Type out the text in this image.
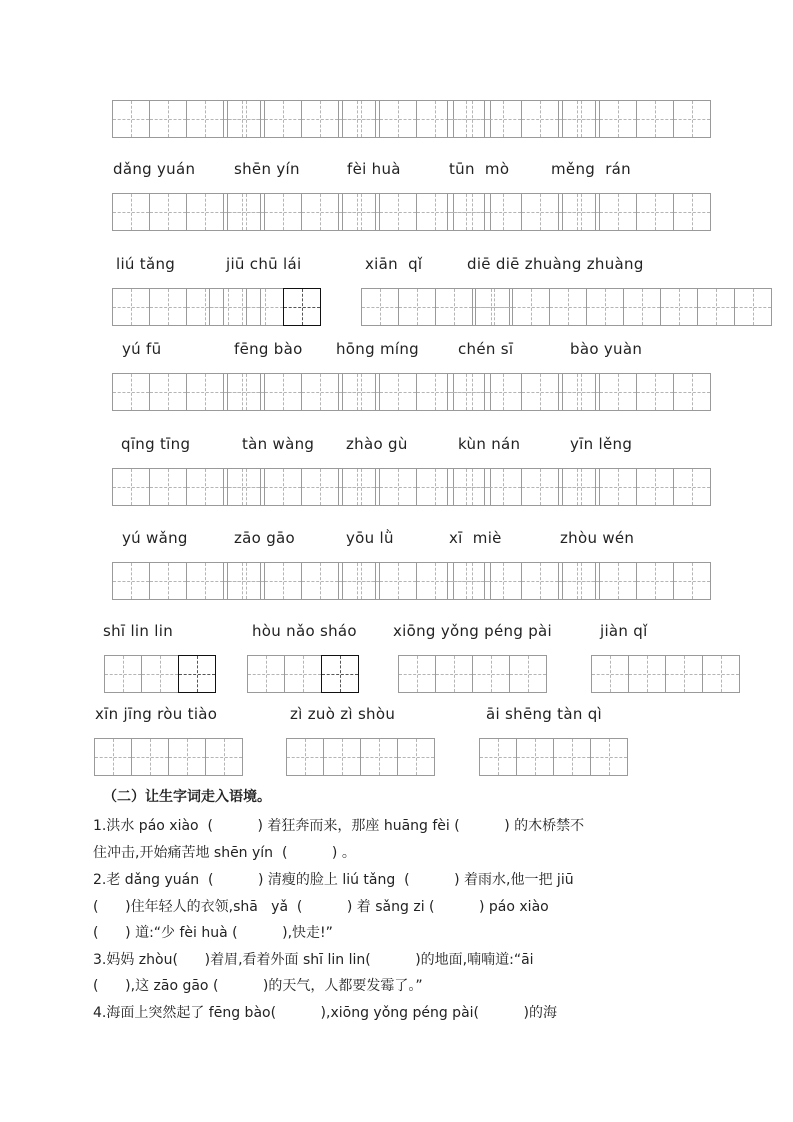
dǎng yuán	shēn yín	fèi huà	tūn  mò	měng  rán
liú tǎng	jiū chū lái	xiān  qǐ	diē diē zhuàng zhuàng
yú fū	fēng bào hōng míng	chén sī	bào yuàn
qīng tīng	tàn wàng zhào gù	kùn nán	yīn lěng
yú wǎng	zāo gāo	yōu lǜ	xī  miè	zhòu wén
shī lin lin	hòu nǎo sháo xiōng yǒng péng pài	jiàn qǐ
xīn jīng ròu tiào	zì zuò zì shòu	āi shēng tàn qì
（二）让生字词走入语境。
1.洪水 páo xiào  (          ) 着狂奔而来，那座 huāng fèi (          ) 的木桥禁不
住冲击,开始痛苦地 shēn yín  (          ) 。
2.老 dǎng yuán  (          ) 清瘦的脸上 liú tǎng  (          ) 着雨水,他一把 jiū
(      )住年轻人的衣领,shā   yǎ  (          ) 着 sǎng zi (          ) páo xiào
(      ) 道:“少 fèi huà (          ),快走!”
3.妈妈 zhòu(      )着眉,看着外面 shī lin lin(          )的地面,喃喃道:“āi
(      ),这 zāo gāo (          )的天气，人都要发霉了。”
4.海面上突然起了 fēng bào(          ),xiōng yǒng péng pài(          )的海
